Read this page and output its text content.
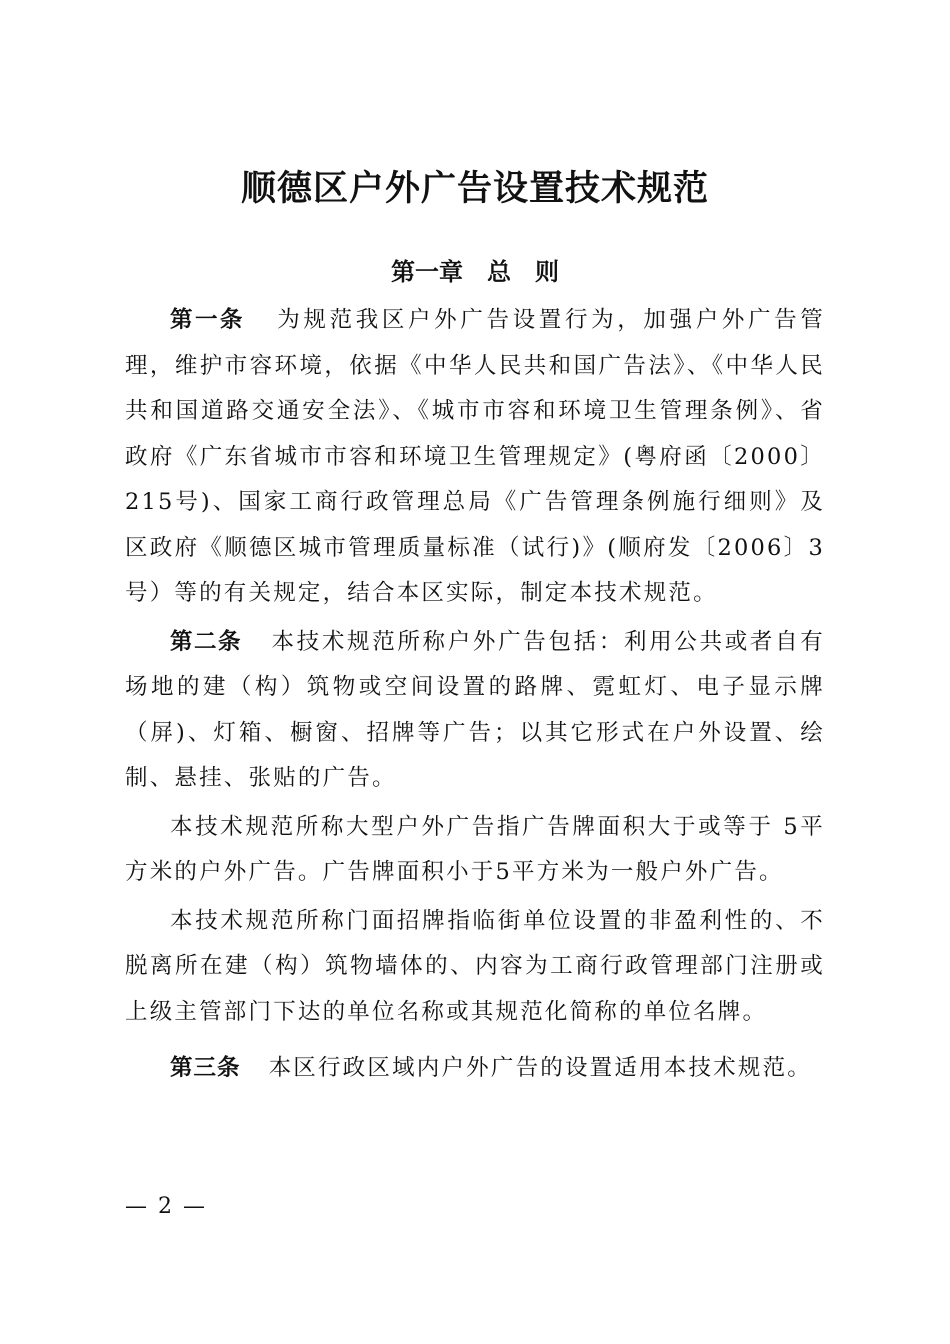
顺德区户外广告设置技术规范
第一章　总　则

第一条 为规范我区户外广告设置行为，加强户外广告管理，维护市容环境，依据《中华人民共和国广告法》、《中华人民共和国道路交通安全法》、《城市市容和环境卫生管理条例》、省政府《广东省城市市容和环境卫生管理规定》(粤府函〔2000〕215号)、国家工商行政管理总局《广告管理条例施行细则》及区政府《顺德区城市管理质量标准（试行)》(顺府发〔2006〕3号）等的有关规定，结合本区实际，制定本技术规范。

第二条 本技术规范所称户外广告包括：利用公共或者自有场地的建（构）筑物或空间设置的路牌、霓虹灯、电子显示牌（屏)、灯箱、橱窗、招牌等广告；以其它形式在户外设置、绘制、悬挂、张贴的广告。

本技术规范所称大型户外广告指广告牌面积大于或等于 5平方米的户外广告。广告牌面积小于5平方米为一般户外广告。

本技术规范所称门面招牌指临街单位设置的非盈利性的、不脱离所在建（构）筑物墙体的、内容为工商行政管理部门注册或上级主管部门下达的单位名称或其规范化简称的单位名牌。

第三条 本区行政区域内户外广告的设置适用本技术规范。

— 2 —
